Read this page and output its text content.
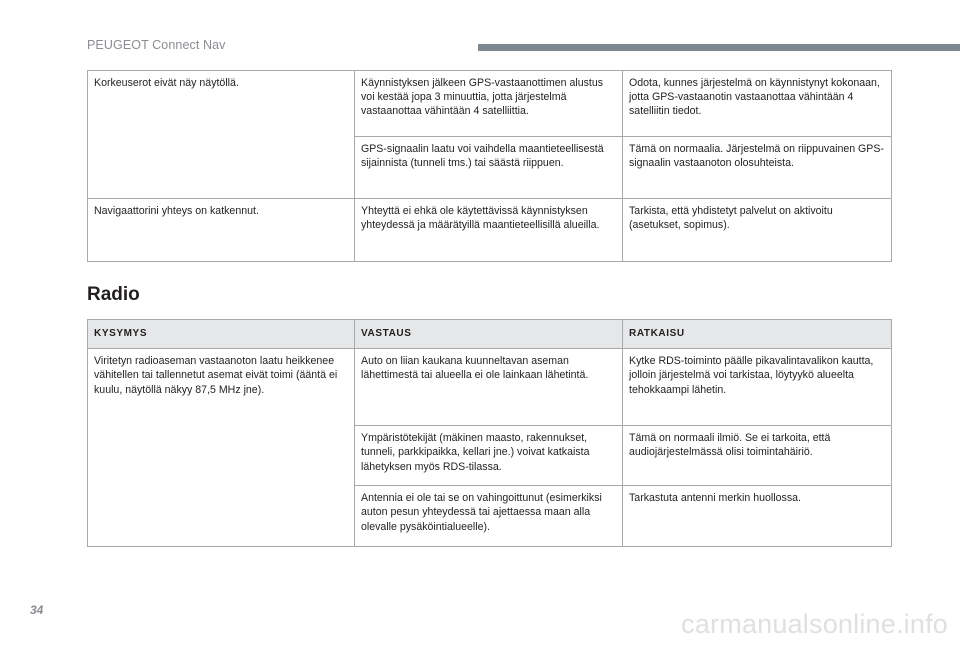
PEUGEOT Connect Nav
Korkeuserot eivät näy näytöllä.	Käynnistyksen jälkeen GPS-vastaanottimen alustus voi kestää jopa 3 minuuttia, jotta järjestelmä vastaanottaa vähintään 4 satelliittia.	Odota, kunnes järjestelmä on käynnistynyt kokonaan, jotta GPS-vastaanotin vastaanottaa vähintään 4 satelliitin tiedot.
	GPS-signaalin laatu voi vaihdella maantieteellisestä sijainnista (tunneli tms.) tai säästä riippuen.	Tämä on normaalia. Järjestelmä on riippuvainen GPS-signaalin vastaanoton olosuhteista.
Navigaattorini yhteys on katkennut.	Yhteyttä ei ehkä ole käytettävissä käynnistyksen yhteydessä ja määrätyillä maantieteellisillä alueilla.	Tarkista, että yhdistetyt palvelut on aktivoitu (asetukset, sopimus).
Radio
KYSYMYS	VASTAUS	RATKAISU
Viritetyn radioaseman vastaanoton laatu heikkenee vähitellen tai tallennetut asemat eivät toimi (ääntä ei kuulu, näytöllä näkyy 87,5 MHz jne).	Auto on liian kaukana kuunneltavan aseman lähettimestä tai alueella ei ole lainkaan lähetintä.	Kytke RDS-toiminto päälle pikavalintavalikon kautta, jolloin järjestelmä voi tarkistaa, löytyykö alueelta tehokkaampi lähetin.
	Ympäristötekijät (mäkinen maasto, rakennukset, tunneli, parkkipaikka, kellari jne.) voivat katkaista lähetyksen myös RDS-tilassa.	Tämä on normaali ilmiö. Se ei tarkoita, että audiojärjestelmässä olisi toimintahäiriö.
	Antennia ei ole tai se on vahingoittunut (esimerkiksi auton pesun yhteydessä tai ajettaessa maan alla olevalle pysäköintialueelle).	Tarkastuta antenni merkin huollossa.
34	carmanualsonline.info
